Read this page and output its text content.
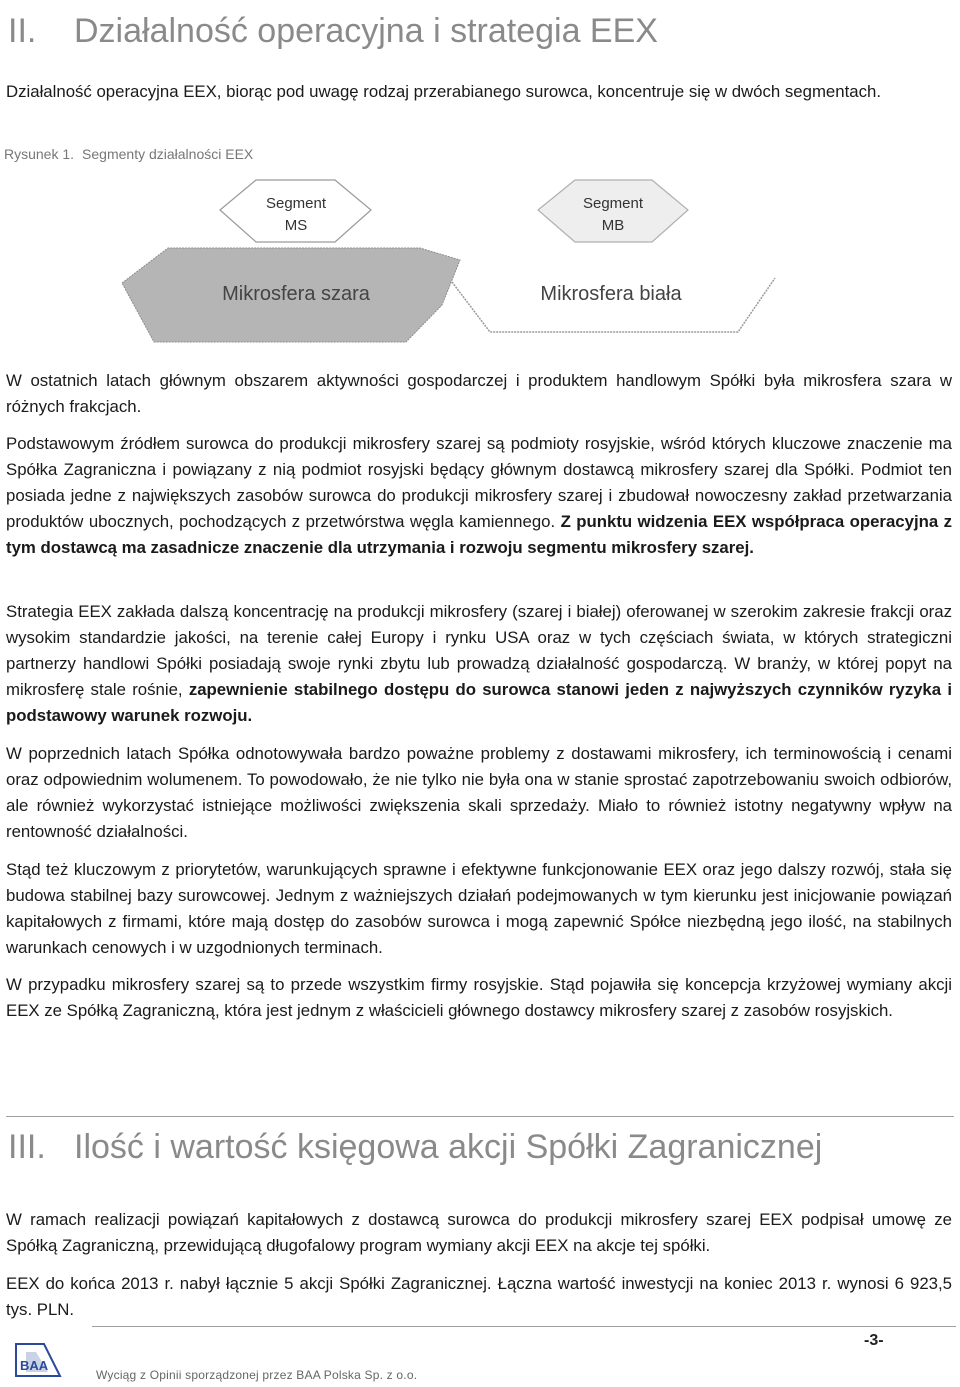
II. Działalność operacyjna i strategia EEX

Działalność operacyjna EEX, biorąc pod uwagę rodzaj przerabianego surowca, koncentruje się w dwóch segmentach.

Rysunek 1. Segmenty działalności EEX
Segment
MS
Segment
MB
Mikrosfera szara	Mikrosfera biała

W ostatnich latach głównym obszarem aktywności gospodarczej i produktem handlowym Spółki była mikrosfera szara w różnych frakcjach.

Podstawowym źródłem surowca do produkcji mikrosfery szarej są podmioty rosyjskie, wśród których kluczowe znaczenie ma Spółka Zagraniczna i powiązany z nią podmiot rosyjski będący głównym dostawcą mikrosfery szarej dla Spółki. Podmiot ten posiada jedne z największych zasobów surowca do produkcji mikrosfery szarej i zbudował nowoczesny zakład przetwarzania produktów ubocznych, pochodzących z przetwórstwa węgla kamiennego. Z punktu widzenia EEX współpraca operacyjna z tym dostawcą ma zasadnicze znaczenie dla utrzymania i rozwoju segmentu mikrosfery szarej.

Strategia EEX zakłada dalszą koncentrację na produkcji mikrosfery (szarej i białej) oferowanej w szerokim zakresie frakcji oraz wysokim standardzie jakości, na terenie całej Europy i rynku USA oraz w tych częściach świata, w których strategiczni partnerzy handlowi Spółki posiadają swoje rynki zbytu lub prowadzą działalność gospodarczą. W branży, w której popyt na mikrosferę stale rośnie, zapewnienie stabilnego dostępu do surowca stanowi jeden z najwyższych czynników ryzyka i podstawowy warunek rozwoju.

W poprzednich latach Spółka odnotowywała bardzo poważne problemy z dostawami mikrosfery, ich terminowością i cenami oraz odpowiednim wolumenem. To powodowało, że nie tylko nie była ona w stanie sprostać zapotrzebowaniu swoich odbiorów, ale również wykorzystać istniejące możliwości zwiększenia skali sprzedaży. Miało to również istotny negatywny wpływ na rentowność działalności.

Stąd też kluczowym z priorytetów, warunkujących sprawne i efektywne funkcjonowanie EEX oraz jego dalszy rozwój, stała się budowa stabilnej bazy surowcowej. Jednym z ważniejszych działań podejmowanych w tym kierunku jest inicjowanie powiązań kapitałowych z firmami, które mają dostęp do zasobów surowca i mogą zapewnić Spółce niezbędną jego ilość, na stabilnych warunkach cenowych i w uzgodnionych terminach.

W przypadku mikrosfery szarej są to przede wszystkim firmy rosyjskie. Stąd pojawiła się koncepcja krzyżowej wymiany akcji EEX ze Spółką Zagraniczną, która jest jednym z właścicieli głównego dostawcy mikrosfery szarej z zasobów rosyjskich.

III. Ilość i wartość księgowa akcji Spółki Zagranicznej

W ramach realizacji powiązań kapitałowych z dostawcą surowca do produkcji mikrosfery szarej EEX podpisał umowę ze Spółką Zagraniczną, przewidującą długofalowy program wymiany akcji EEX na akcje tej spółki.

EEX do końca 2013 r. nabył łącznie 5 akcji Spółki Zagranicznej. Łączna wartość inwestycji na koniec 2013 r. wynosi 6 923,5 tys. PLN.

BAA
-3-
Wyciąg z Opinii sporządzonej przez BAA Polska Sp. z o.o.
